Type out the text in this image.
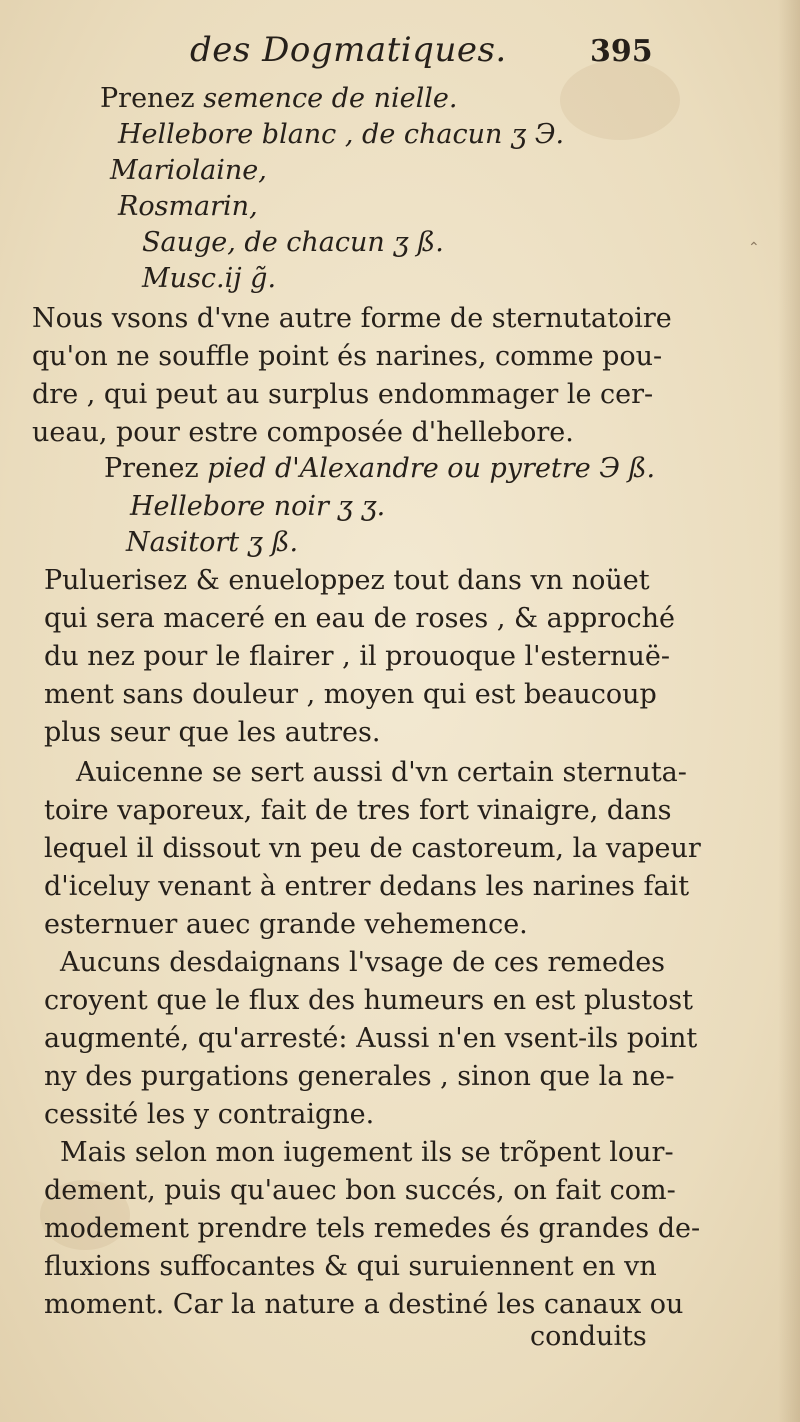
des Dogmatiques.	395
Prenez semence de nielle.
Hellebore blanc , de chacun ʒ Э.
Mariolaine,
Rosmarin,
Sauge, de chacun ʒ ß.
Musc.ij g̃.
Nous vsons d'vne autre forme de sternutatoire
qu'on ne souffle point és narines, comme pou-
dre , qui peut au surplus endommager le cer-
ueau, pour estre composée d'hellebore.
Prenez pied d'Alexandre ou pyretre Э ß.
Hellebore noir ʒ ʒ.
Nasitort ʒ ß.
Puluerisez & enueloppez tout dans vn noüet
qui sera maceré en eau de roses , & approché
du nez pour le flairer , il prouoque l'esternuë-
ment sans douleur , moyen qui est beaucoup
plus seur que les autres.
Auicenne se sert aussi d'vn certain sternuta-
toire vaporeux, fait de tres fort vinaigre, dans
lequel il dissout vn peu de castoreum, la vapeur
d'iceluy venant à entrer dedans les narines fait
esternuer auec grande vehemence.
Aucuns desdaignans l'vsage de ces remedes
croyent que le flux des humeurs en est plustost
augmenté, qu'arresté: Aussi n'en vsent-ils point
ny des purgations generales , sinon que la ne-
cessité les y contraigne.
Mais selon mon iugement ils se trõpent lour-
dement, puis qu'auec bon succés, on fait com-
modement prendre tels remedes és grandes de-
fluxions suffocantes & qui suruiennent en vn
moment. Car la nature a destiné les canaux ou
conduits
⌃
